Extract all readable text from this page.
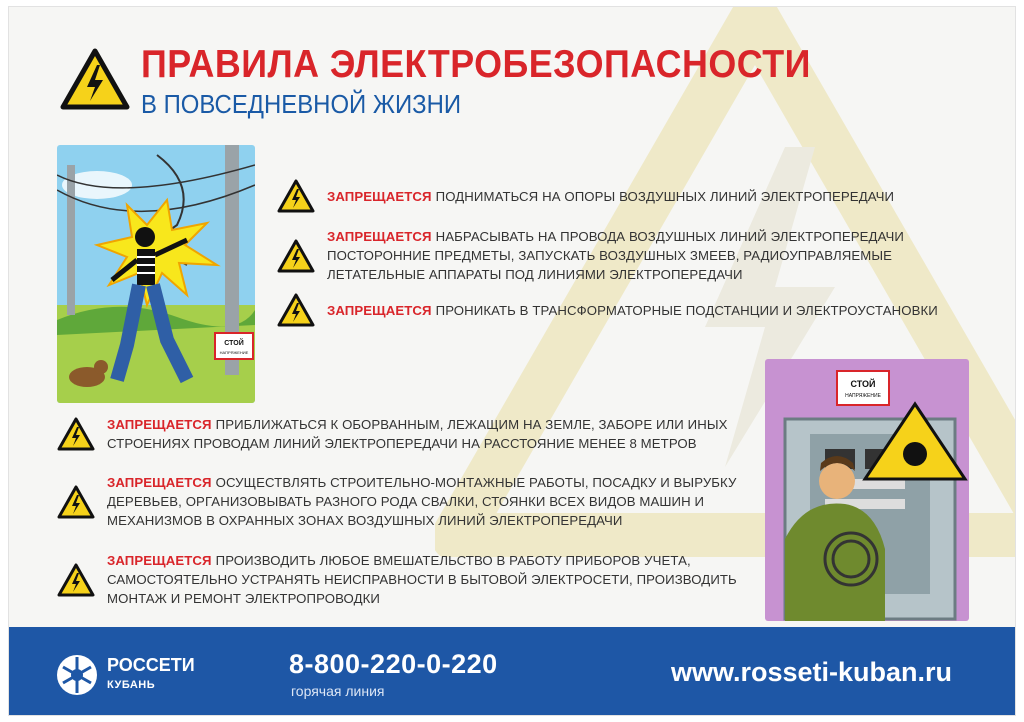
ПРАВИЛА ЭЛЕКТРОБЕЗОПАСНОСТИ
В ПОВСЕДНЕВНОЙ ЖИЗНИ
СТОЙ
НАПРЯЖЕНИЕ
СТОЙ
НАПРЯЖЕНИЕ
ЗАПРЕЩАЕТСЯ ПОДНИМАТЬСЯ НА ОПОРЫ ВОЗДУШНЫХ ЛИНИЙ ЭЛЕКТРОПЕРЕДАЧИ
ЗАПРЕЩАЕТСЯ НАБРАСЫВАТЬ НА ПРОВОДА ВОЗДУШНЫХ ЛИНИЙ ЭЛЕКТРОПЕРЕДАЧИ ПОСТОРОННИЕ ПРЕДМЕТЫ, ЗАПУСКАТЬ ВОЗДУШНЫХ ЗМЕЕВ, РАДИОУПРАВЛЯЕМЫЕ ЛЕТАТЕЛЬНЫЕ АППАРАТЫ ПОД ЛИНИЯМИ ЭЛЕКТРОПЕРЕДАЧИ
ЗАПРЕЩАЕТСЯ ПРОНИКАТЬ В ТРАНСФОРМАТОРНЫЕ ПОДСТАНЦИИ И ЭЛЕКТРОУСТАНОВКИ
ЗАПРЕЩАЕТСЯ ПРИБЛИЖАТЬСЯ К ОБОРВАННЫМ, ЛЕЖАЩИМ НА ЗЕМЛЕ, ЗАБОРЕ ИЛИ ИНЫХ СТРОЕНИЯХ ПРОВОДАМ ЛИНИЙ ЭЛЕКТРОПЕРЕДАЧИ НА РАССТОЯНИЕ МЕНЕЕ 8 МЕТРОВ
ЗАПРЕЩАЕТСЯ ОСУЩЕСТВЛЯТЬ СТРОИТЕЛЬНО-МОНТАЖНЫЕ РАБОТЫ, ПОСАДКУ И ВЫРУБКУ ДЕРЕВЬЕВ, ОРГАНИЗОВЫВАТЬ РАЗНОГО РОДА СВАЛКИ, СТОЯНКИ ВСЕХ ВИДОВ МАШИН И МЕХАНИЗМОВ В ОХРАННЫХ ЗОНАХ ВОЗДУШНЫХ ЛИНИЙ ЭЛЕКТРОПЕРЕДАЧИ
ЗАПРЕЩАЕТСЯ ПРОИЗВОДИТЬ ЛЮБОЕ ВМЕШАТЕЛЬСТВО В РАБОТУ ПРИБОРОВ УЧЕТА, САМОСТОЯТЕЛЬНО УСТРАНЯТЬ НЕИСПРАВНОСТИ В БЫТОВОЙ ЭЛЕКТРОСЕТИ, ПРОИЗВОДИТЬ МОНТАЖ И РЕМОНТ ЭЛЕКТРОПРОВОДКИ
РОССЕТИ
КУБАНЬ
8-800-220-0-220
горячая линия
www.rosseti-kuban.ru
